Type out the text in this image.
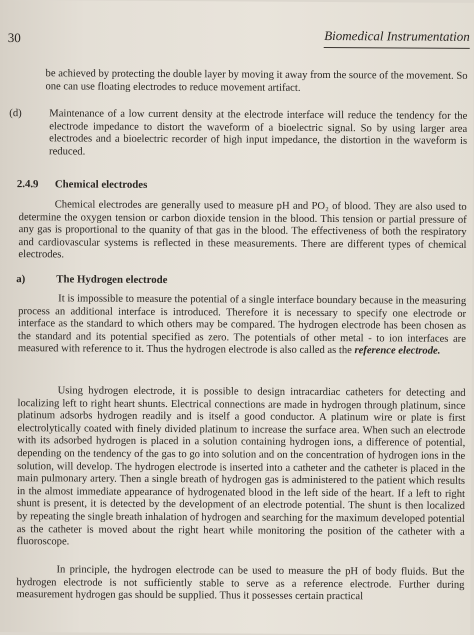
30	Biomedical Instrumentation
be achieved by protecting the double layer by moving it away from the source of the movement. So one can use floating electrodes to reduce movement artifact.
(d)	Maintenance of a low current density at the electrode interface will reduce the tendency for the electrode impedance to distort the waveform of a bioelectric signal. So by using larger area electrodes and a bioelectric recorder of high input impedance, the distortion in the waveform is reduced.
2.4.9 Chemical electrodes
Chemical electrodes are generally used to measure pH and PO₂ of blood. They are also used to determine the oxygen tension or carbon dioxide tension in the blood. This tension or partial pressure of any gas is proportional to the quanity of that gas in the blood. The effectiveness of both the respiratory and cardiovascular systems is reflected in these measurements. There are different types of chemical electrodes.
a)	The Hydrogen electrode
It is impossible to measure the potential of a single interface boundary because in the measuring process an additional interface is introduced. Therefore it is necessary to specify one electrode or interface as the standard to which others may be compared. The hydrogen electrode has been chosen as the standard and its potential specified as zero. The potentials of other metal - to ion interfaces are measured with reference to it. Thus the hydrogen electrode is also called as the reference electrode.
Using hydrogen electrode, it is possible to design intracardiac catheters for detecting and localizing left to right heart shunts. Electrical connections are made in hydrogen through platinum, since platinum adsorbs hydrogen readily and is itself a good conductor. A platinum wire or plate is first electrolytically coated with finely divided platinum to increase the surface area. When such an electrode with its adsorbed hydrogen is placed in a solution containing hydrogen ions, a difference of potential, depending on the tendency of the gas to go into solution and on the concentration of hydrogen ions in the solution, will develop. The hydrogen electrode is inserted into a catheter and the catheter is placed in the main pulmonary artery. Then a single breath of hydrogen gas is administered to the patient which results in the almost immediate appearance of hydrogenated blood in the left side of the heart. If a left to right shunt is present, it is detected by the development of an electrode potential. The shunt is then localized by repeating the single breath inhalation of hydrogen and searching for the maximum developed potential as the catheter is moved about the right heart while monitoring the position of the catheter with a fluoroscope.
In principle, the hydrogen electrode can be used to measure the pH of body fluids. But the hydrogen electrode is not sufficiently stable to serve as a reference electrode. Further during measurement hydrogen gas should be supplied. Thus it possesses certain practical
